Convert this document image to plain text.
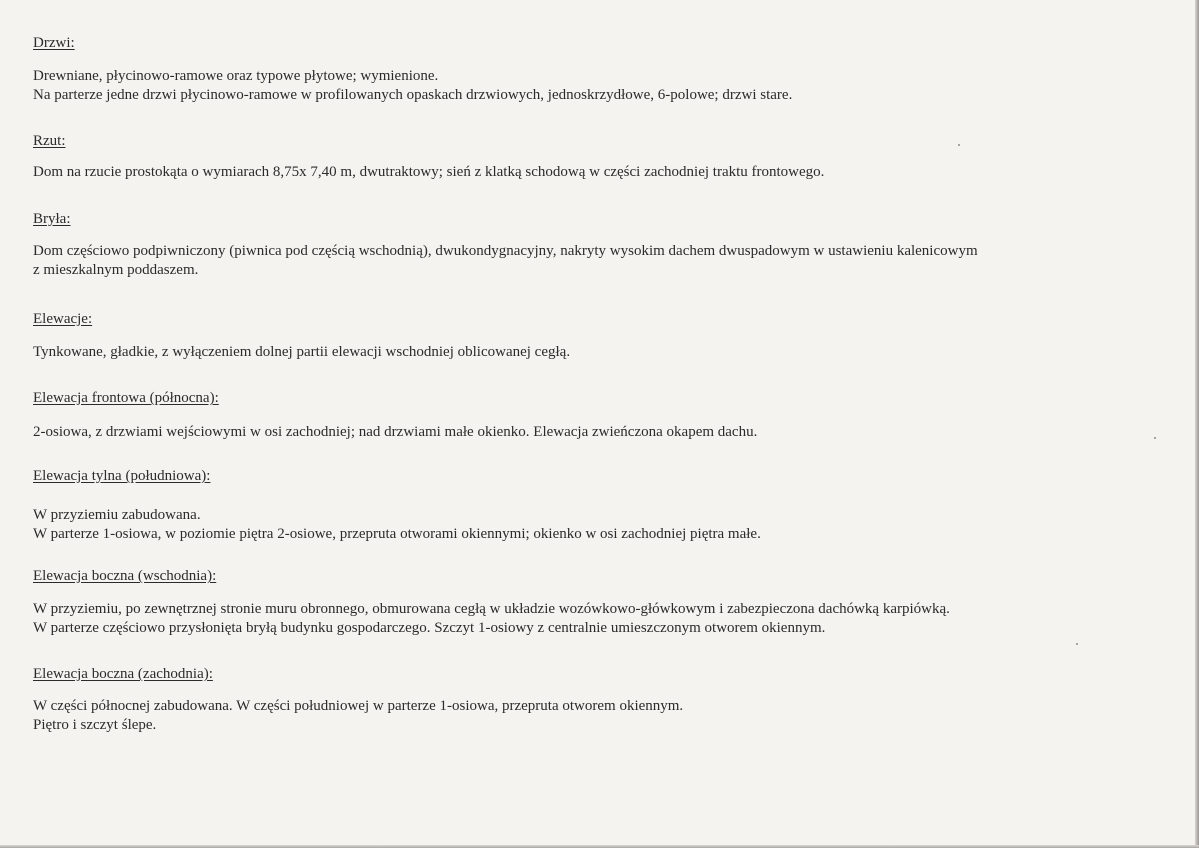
Drzwi:
Drewniane, płycinowo-ramowe oraz typowe płytowe; wymienione.
Na parterze jedne drzwi płycinowo-ramowe w profilowanych opaskach drzwiowych, jednoskrzydłowe, 6-polowe; drzwi stare.
Rzut:
Dom na rzucie prostokąta o wymiarach 8,75x 7,40 m, dwutraktowy; sień z klatką schodową w części zachodniej traktu frontowego.
Bryła:
Dom częściowo podpiwniczony (piwnica pod częścią wschodnią), dwukondygnacyjny, nakryty wysokim dachem dwuspadowym w ustawieniu kalenicowym
z mieszkalnym poddaszem.
Elewacje:
Tynkowane, gładkie, z wyłączeniem dolnej partii elewacji wschodniej oblicowanej cegłą.
Elewacja frontowa (północna):
2-osiowa, z drzwiami wejściowymi w osi zachodniej; nad drzwiami małe okienko. Elewacja zwieńczona okapem dachu.
Elewacja tylna (południowa):
W przyziemiu zabudowana.
W parterze 1-osiowa, w poziomie piętra 2-osiowe, przepruta otworami okiennymi; okienko w osi zachodniej piętra małe.
Elewacja boczna (wschodnia):
W przyziemiu, po zewnętrznej stronie muru obronnego, obmurowana cegłą w układzie wozówkowo-główkowym i zabezpieczona dachówką karpiówką.
W parterze częściowo przysłonięta bryłą budynku gospodarczego. Szczyt 1-osiowy z centralnie umieszczonym otworem okiennym.
Elewacja boczna (zachodnia):
W części północnej zabudowana. W części południowej w parterze 1-osiowa, przepruta otworem okiennym.
Piętro i szczyt ślepe.
